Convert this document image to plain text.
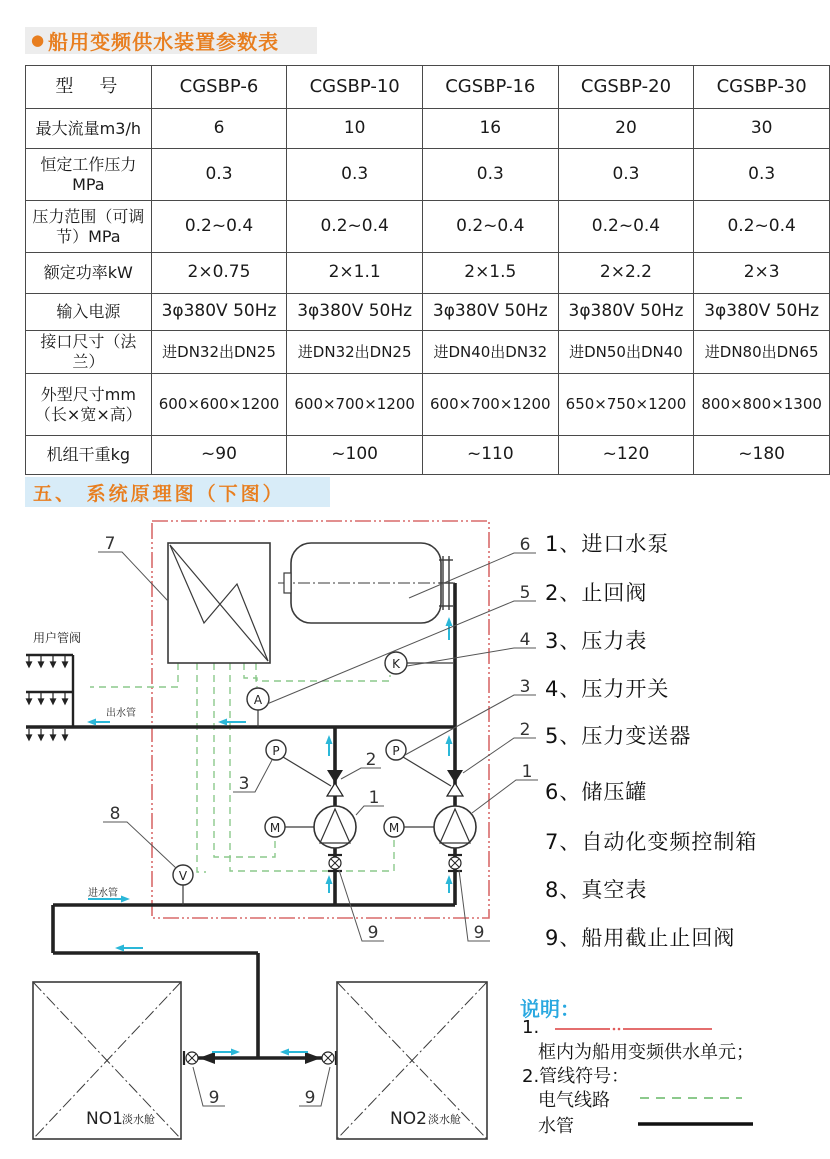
● 船用变频供水装置参数表
型　号	CGSBP-6	CGSBP-10	CGSBP-16	CGSBP-20	CGSBP-30
最大流量m3/h	6	10	16	20	30
恒定工作压力MPa	0.3	0.3	0.3	0.3	0.3
压力范围（可调节）MPa	0.2~0.4	0.2~0.4	0.2~0.4	0.2~0.4	0.2~0.4
额定功率kW	2×0.75	2×1.1	2×1.5	2×2.2	2×3
输入电源	3φ380V 50Hz	3φ380V 50Hz	3φ380V 50Hz	3φ380V 50Hz	3φ380V 50Hz
接口尺寸（法兰）	进DN32出DN25	进DN32出DN25	进DN40出DN32	进DN50出DN40	进DN80出DN65
外型尺寸mm（长×宽×高）	600×600×1200	600×700×1200	600×700×1200	650×750×1200	800×800×1300
机组干重kg	~90	~100	~110	~120	~180
五、 系统原理图（下图）
A
K
P	P
M	M
V
NO1 淡水舱	NO2 淡水舱
7
8
6
5
4
3
2
1
3
2
1
9	9
9	9
用户管阀
出水管
进水管
1、进口水泵
2、止回阀
3、压力表
4、压力开关
5、压力变送器
6、储压罐
7、自动化变频控制箱
8、真空表
9、船用截止止回阀
说明：
1.
框内为船用变频供水单元；
2.管线符号：
电气线路
水管
